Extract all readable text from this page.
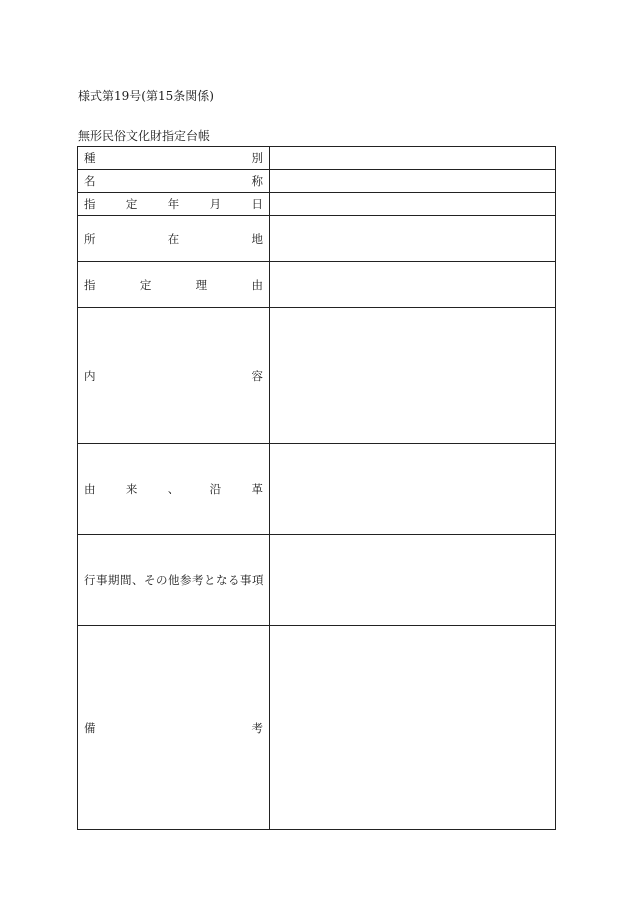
様式第19号(第15条関係)
無形民俗文化財指定台帳
種 別	

名 称	

指 定 年 月 日	

所 在 地	

指 定 理 由	

内 容	

由 来 、 沿 革	

行事期間、その他参考となる事項	

備 考	
